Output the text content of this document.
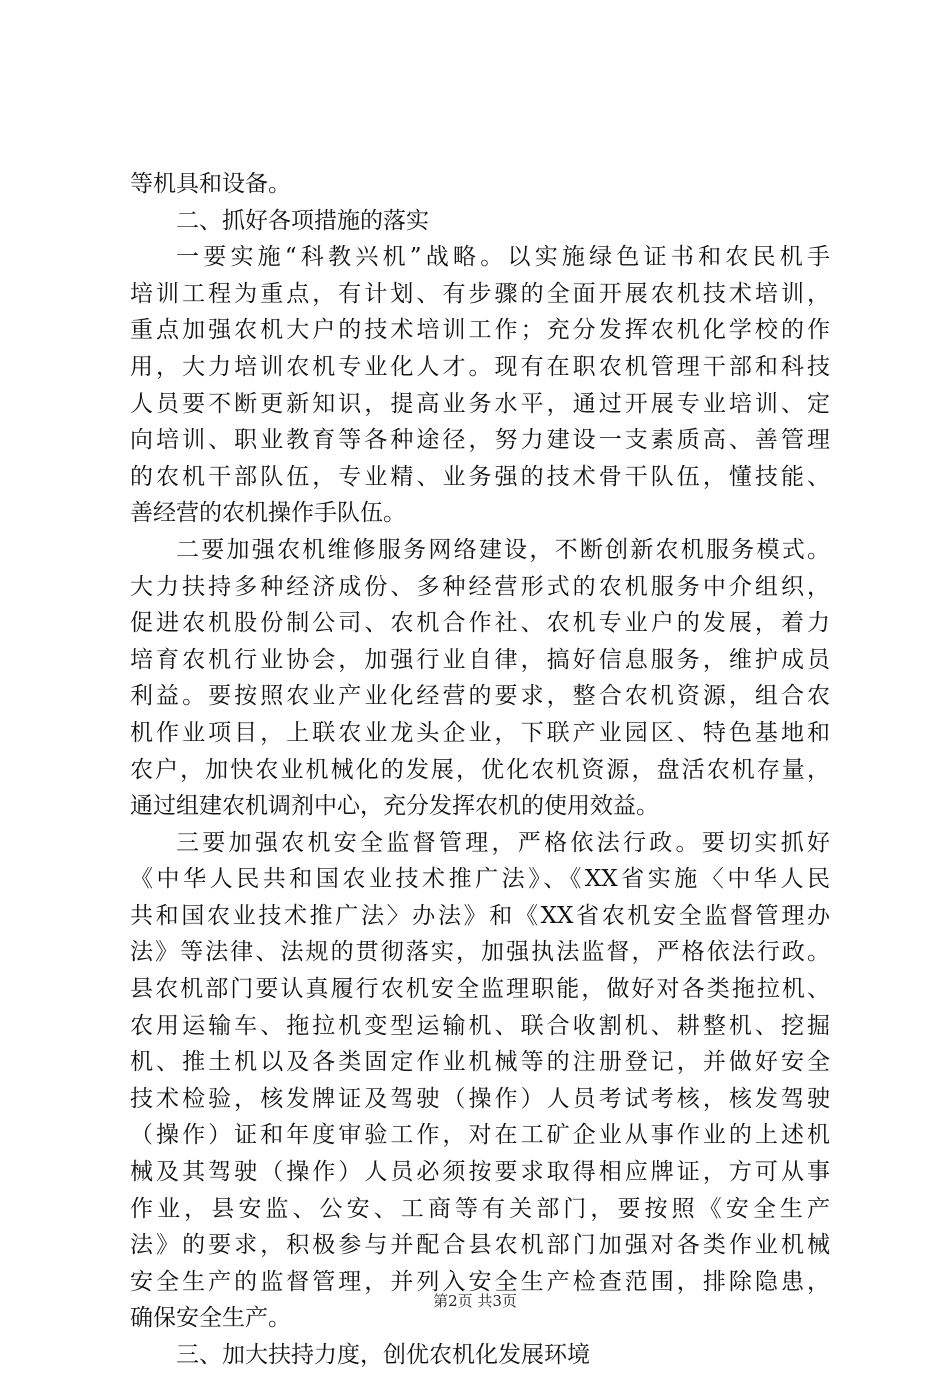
等机具和设备。
二、抓好各项措施的落实
一要实施“科教兴机”战略。以实施绿色证书和农民机手
培训工程为重点，有计划、有步骤的全面开展农机技术培训，
重点加强农机大户的技术培训工作；充分发挥农机化学校的作
用，大力培训农机专业化人才。现有在职农机管理干部和科技
人员要不断更新知识，提高业务水平，通过开展专业培训、定
向培训、职业教育等各种途径，努力建设一支素质高、善管理
的农机干部队伍，专业精、业务强的技术骨干队伍，懂技能、
善经营的农机操作手队伍。
二要加强农机维修服务网络建设，不断创新农机服务模式。
大力扶持多种经济成份、多种经营形式的农机服务中介组织，
促进农机股份制公司、农机合作社、农机专业户的发展，着力
培育农机行业协会，加强行业自律，搞好信息服务，维护成员
利益。要按照农业产业化经营的要求，整合农机资源，组合农
机作业项目，上联农业龙头企业，下联产业园区、特色基地和
农户，加快农业机械化的发展，优化农机资源，盘活农机存量，
通过组建农机调剂中心，充分发挥农机的使用效益。
三要加强农机安全监督管理，严格依法行政。要切实抓好
《中华人民共和国农业技术推广法》、《XX省实施〈中华人民
共和国农业技术推广法〉办法》和《XX省农机安全监督管理办
法》等法律、法规的贯彻落实，加强执法监督，严格依法行政。
县农机部门要认真履行农机安全监理职能，做好对各类拖拉机、
农用运输车、拖拉机变型运输机、联合收割机、耕整机、挖掘
机、推土机以及各类固定作业机械等的注册登记，并做好安全
技术检验，核发牌证及驾驶（操作）人员考试考核，核发驾驶
（操作）证和年度审验工作，对在工矿企业从事作业的上述机
械及其驾驶（操作）人员必须按要求取得相应牌证，方可从事
作业，县安监、公安、工商等有关部门，要按照《安全生产
法》的要求，积极参与并配合县农机部门加强对各类作业机械
安全生产的监督管理，并列入安全生产检查范围，排除隐患，
确保安全生产。
三、加大扶持力度，创优农机化发展环境
第2页 共3页
